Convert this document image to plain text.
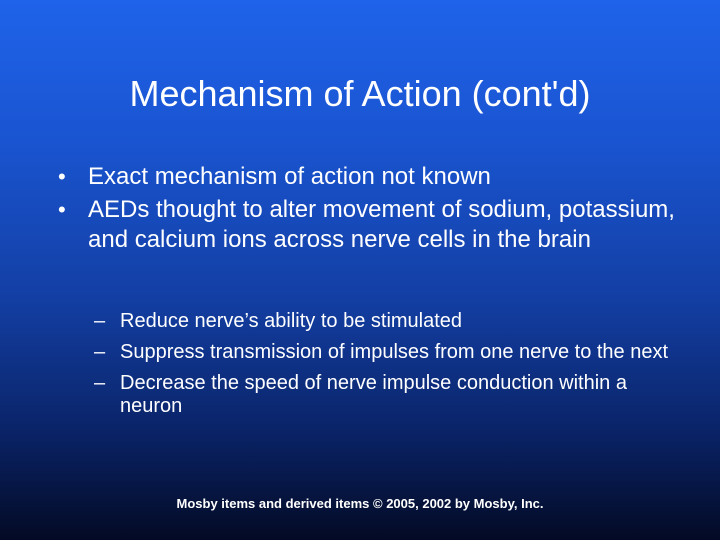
Mechanism of Action (cont'd)
• Exact mechanism of action not known
• AEDs thought to alter movement of sodium, potassium, and calcium ions across nerve cells in the brain
– Reduce nerve’s ability to be stimulated
– Suppress transmission of impulses from one nerve to the next
– Decrease the speed of nerve impulse conduction within a neuron

Mosby items and derived items © 2005, 2002 by Mosby, Inc.
